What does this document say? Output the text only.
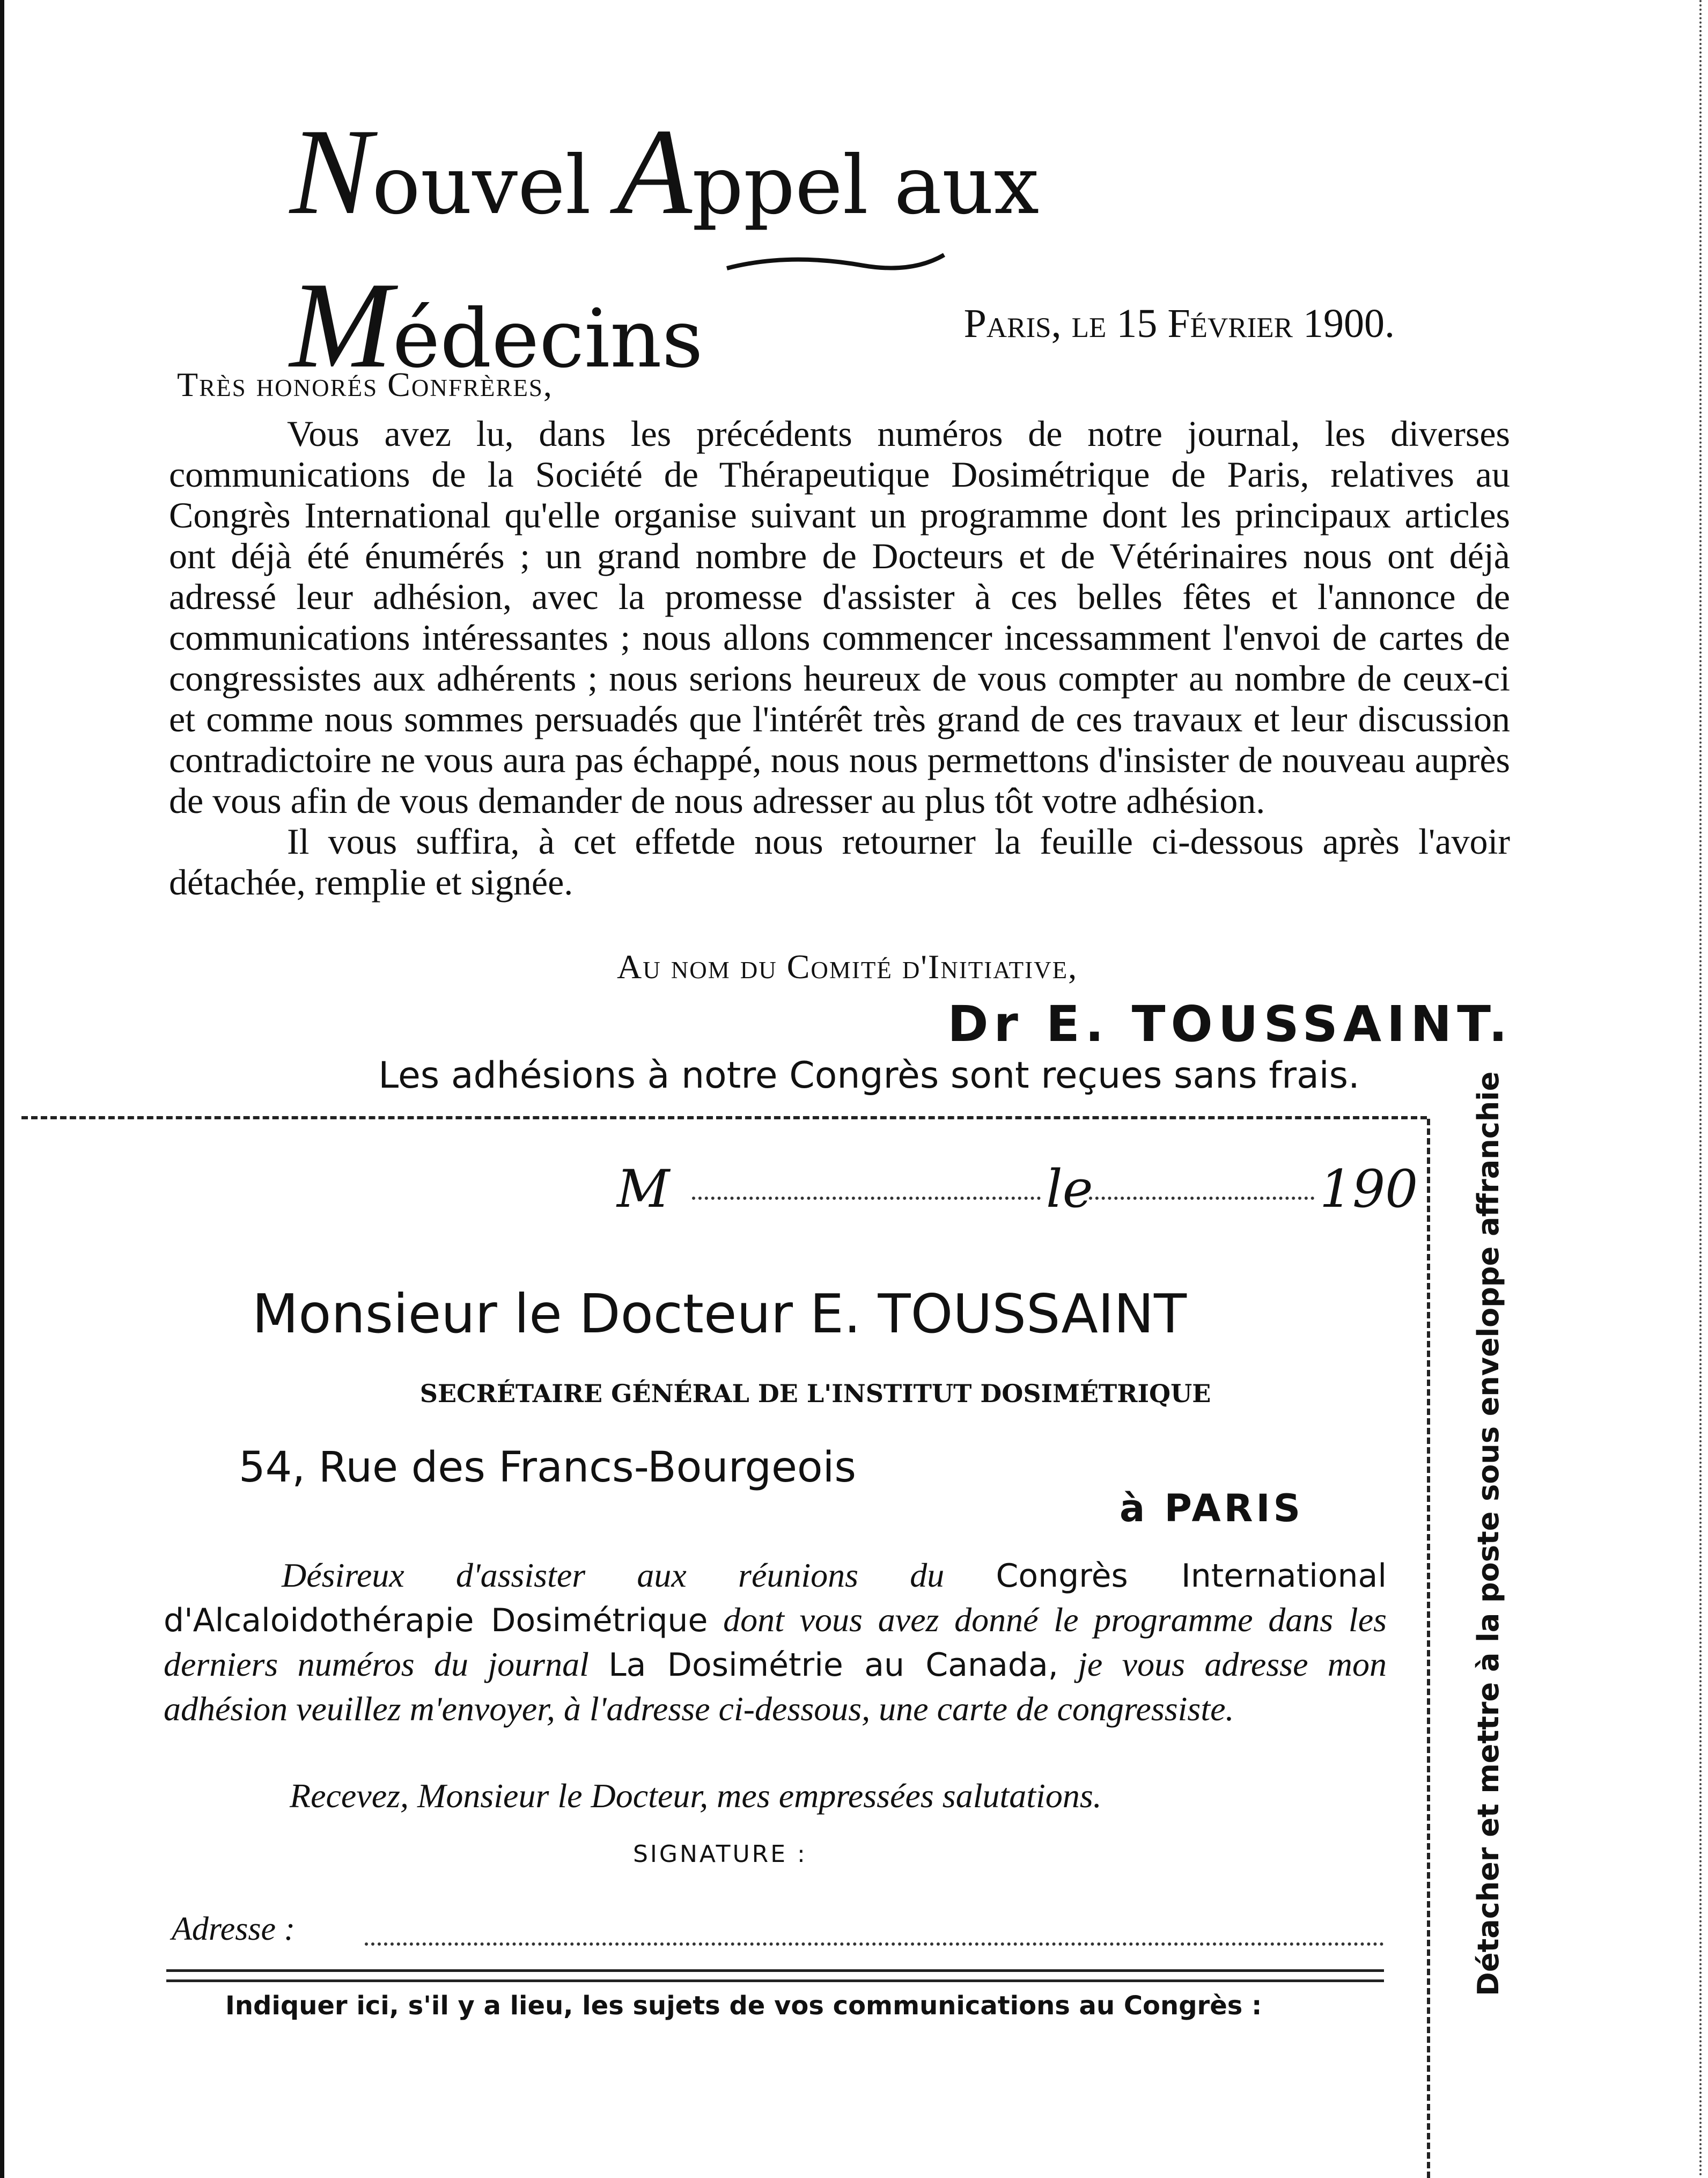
Nouvel Appel aux Médecins	Paris, le 15 Février 1900.
Très honorés Confrères,

Vous avez lu, dans les précédents numéros de notre journal, les diverses communications de la Société de Thérapeutique Dosimétrique de Paris, relatives au Congrès International qu'elle organise suivant un programme dont les principaux articles ont déjà été énumérés ; un grand nombre de Docteurs et de Vétérinaires nous ont déjà adressé leur adhésion, avec la promesse d'assister à ces belles fêtes et l'annonce de communications intéressantes ; nous allons commencer incessamment l'envoi de cartes de congressistes aux adhérents ; nous serions heureux de vous compter au nombre de ceux-ci et comme nous sommes persuadés que l'intérêt très grand de ces travaux et leur discussion contradictoire ne vous aura pas échappé, nous nous permettons d'insister de nouveau auprès de vous afin de vous demander de nous adresser au plus tôt votre adhésion.

Il vous suffira, à cet effetde nous retourner la feuille ci-dessous après l'avoir détachée, remplie et signée.

Au nom du Comité d'Initiative,
Dr E. TOUSSAINT.
Les adhésions à notre Congrès sont reçues sans frais.	Détacher et mettre à la poste sous enveloppe affranchie
M	le	190
Monsieur le Docteur E. TOUSSAINT
SECRÉTAIRE GÉNÉRAL DE L'INSTITUT DOSIMÉTRIQUE
54, Rue des Francs-Bourgeois
à PARIS

Désireux d'assister aux réunions du Congrès International d'Alcaloidothérapie Dosimétrique dont vous avez donné le programme dans les derniers numéros du journal La Dosimétrie au Canada, je vous adresse mon adhésion veuillez m'envoyer, à l'adresse ci-dessous, une carte de congressiste.

Recevez, Monsieur le Docteur, mes empressées salutations.
SIGNATURE :
Adresse :
Indiquer ici, s'il y a lieu, les sujets de vos communications au Congrès :
